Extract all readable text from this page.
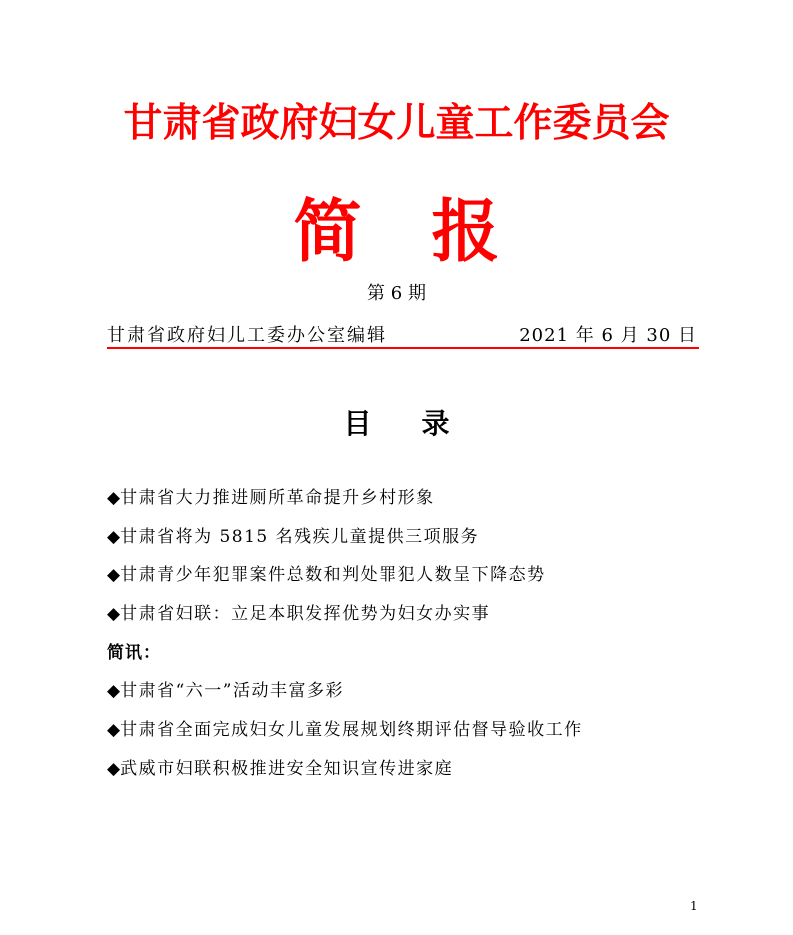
甘肃省政府妇女儿童工作委员会
简报
第 6 期
甘肃省政府妇儿工委办公室编辑	2021 年 6 月 30 日
目录
◆甘肃省大力推进厕所革命提升乡村形象
◆甘肃省将为 5815 名残疾儿童提供三项服务
◆甘肃青少年犯罪案件总数和判处罪犯人数呈下降态势
◆甘肃省妇联：立足本职发挥优势为妇女办实事
简讯：
◆甘肃省“六一”活动丰富多彩
◆甘肃省全面完成妇女儿童发展规划终期评估督导验收工作
◆武威市妇联积极推进安全知识宣传进家庭
1
